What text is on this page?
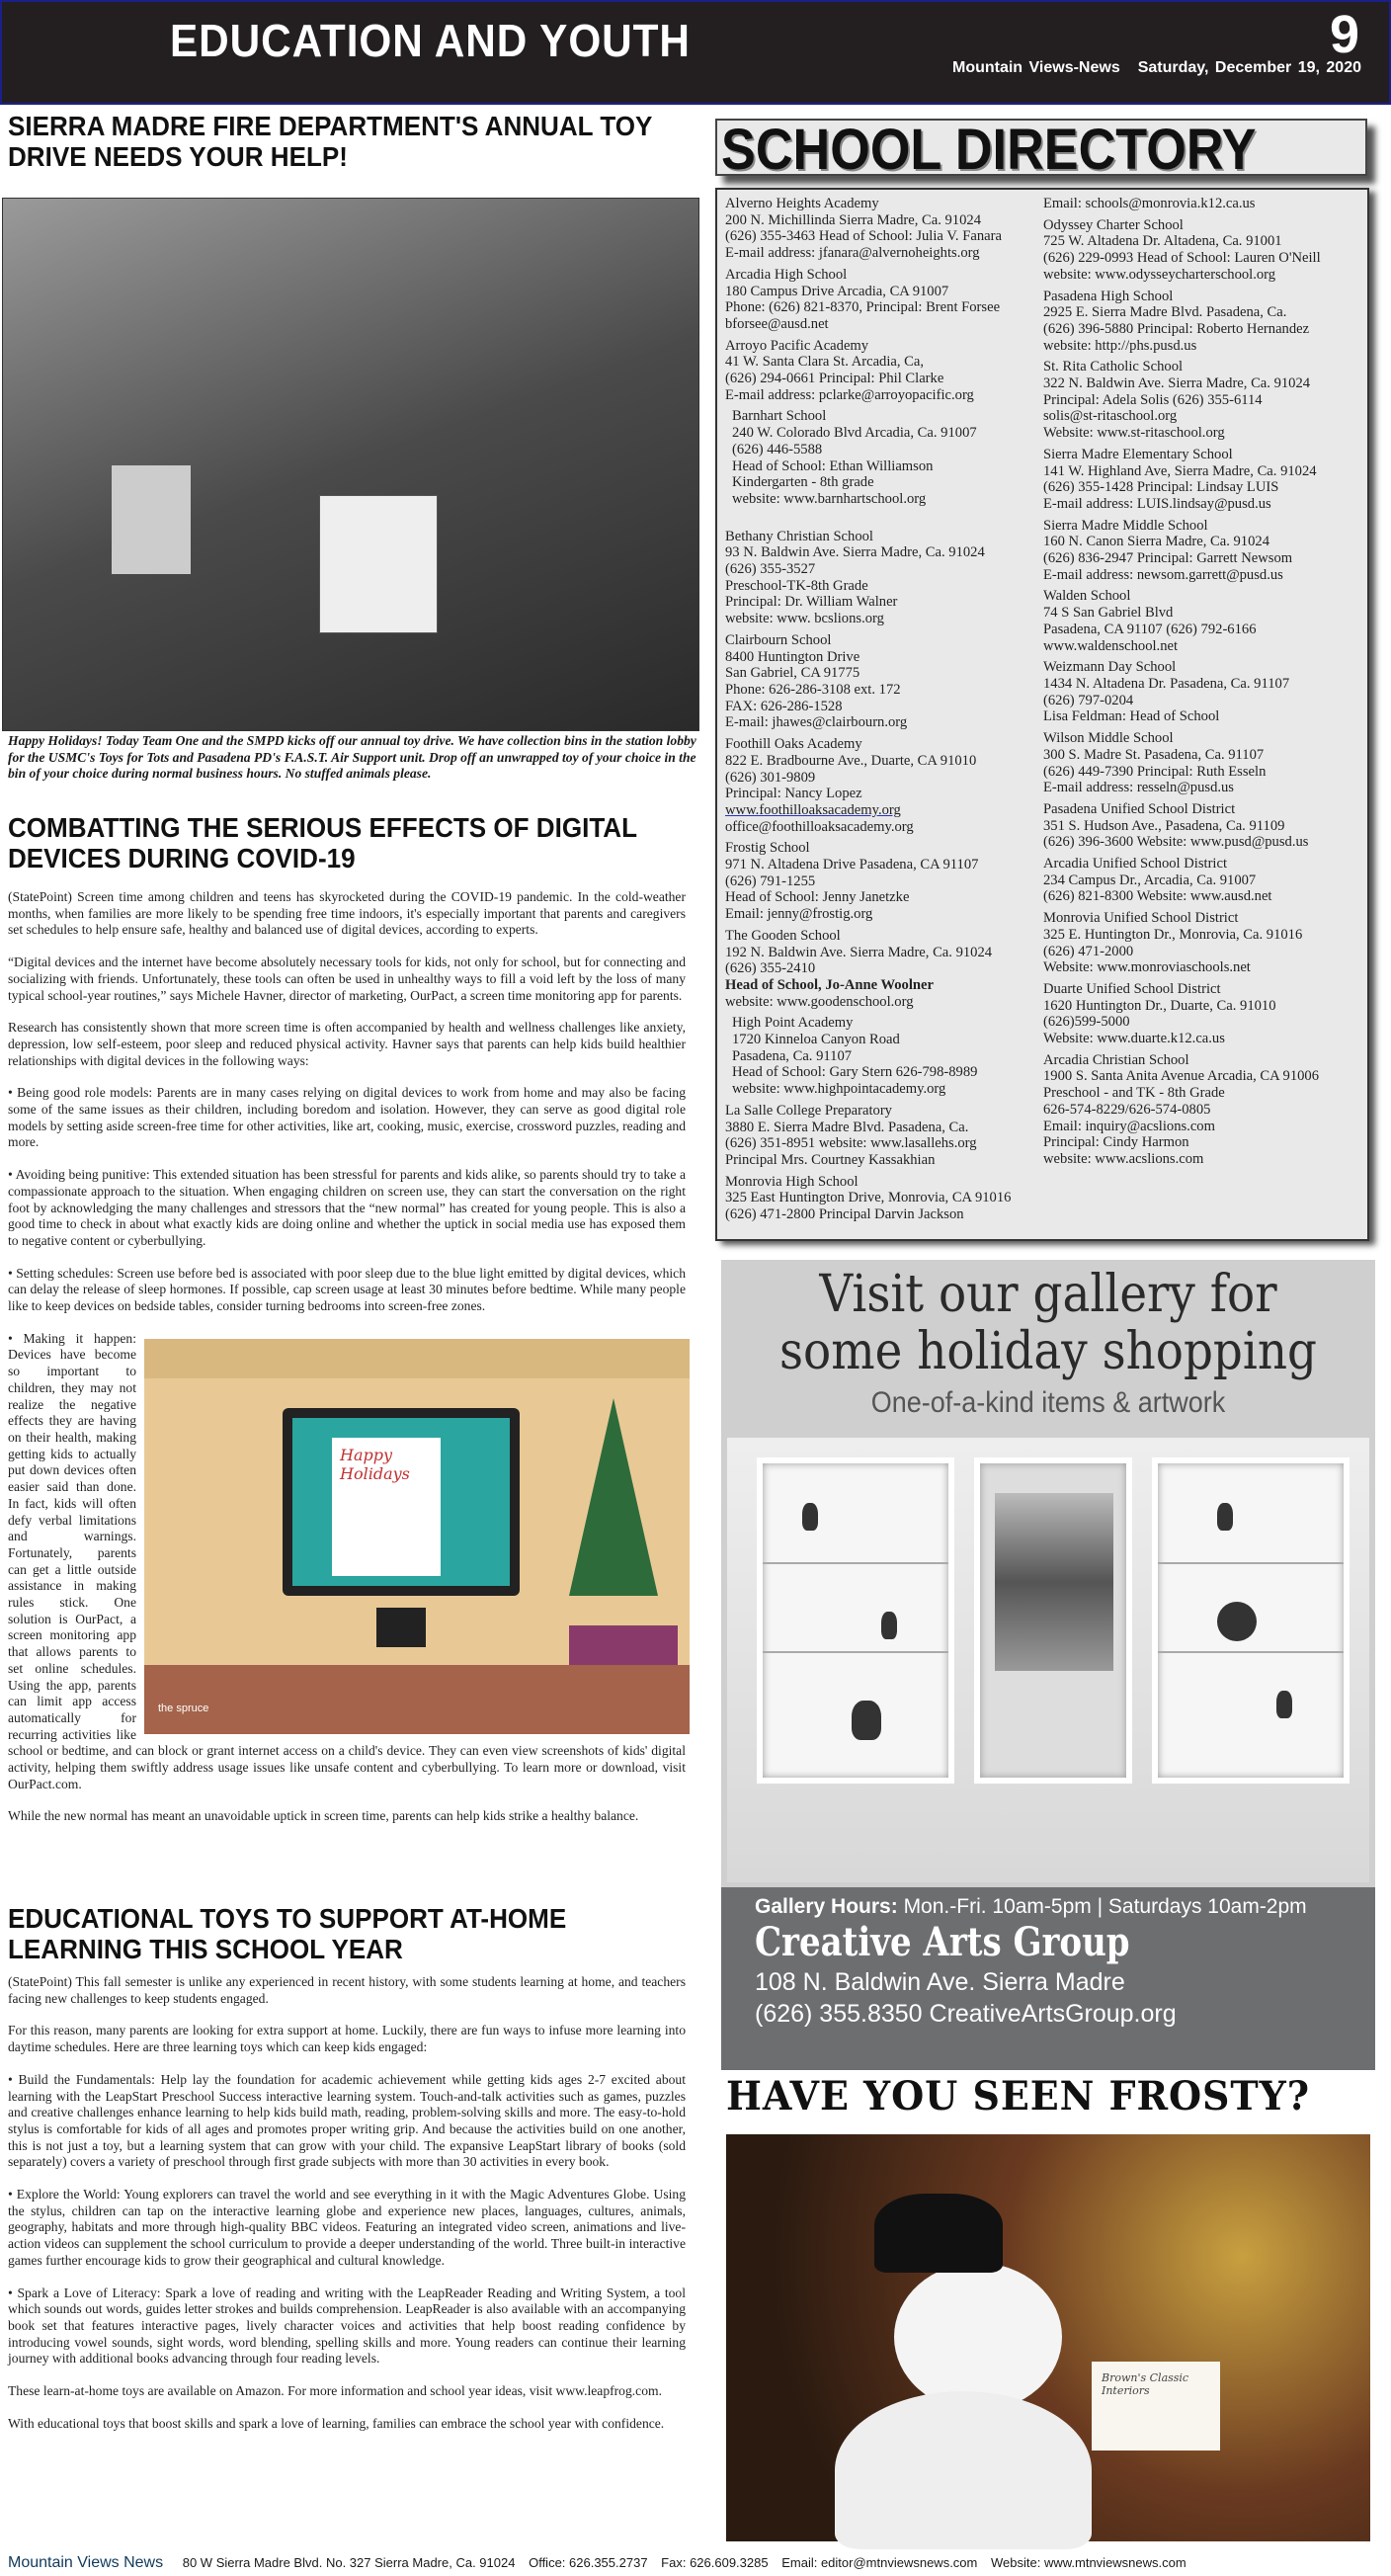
EDUCATION AND YOUTH	9
Mountain Views-News Saturday, December 19, 2020
SIERRA MADRE FIRE DEPARTMENT'S ANNUAL TOY DRIVE NEEDS YOUR HELP!
Happy Holidays! Today Team One and the SMPD kicks off our annual toy drive. We have collection bins in the station lobby for the USMC's Toys for Tots and Pasadena PD's F.A.S.T. Air Support unit. Drop off an unwrapped toy of your choice in the bin of your choice during normal business hours. No stuffed animals please.
COMBATTING THE SERIOUS EFFECTS OF DIGITAL DEVICES DURING COVID-19

(StatePoint) Screen time among children and teens has skyrocketed during the COVID-19 pandemic. In the cold-weather months, when families are more likely to be spending free time indoors, it's especially important that parents and caregivers set schedules to help ensure safe, healthy and balanced use of digital devices, according to experts.

“Digital devices and the internet have become absolutely necessary tools for kids, not only for school, but for connecting and socializing with friends. Unfortunately, these tools can often be used in unhealthy ways to fill a void left by the loss of many typical school-year routines,” says Michele Havner, director of marketing, OurPact, a screen time monitoring app for parents.

Research has consistently shown that more screen time is often accompanied by health and wellness challenges like anxiety, depression, low self-esteem, poor sleep and reduced physical activity. Havner says that parents can help kids build healthier relationships with digital devices in the following ways:

• Being good role models: Parents are in many cases relying on digital devices to work from home and may also be facing some of the same issues as their children, including boredom and isolation. However, they can serve as good digital role models by setting aside screen-free time for other activities, like art, cooking, music, exercise, crossword puzzles, reading and more.

• Avoiding being punitive: This extended situation has been stressful for parents and kids alike, so parents should try to take a compassionate approach to the situation. When engaging children on screen use, they can start the conversation on the right foot by acknowledging the many challenges and stressors that the “new normal” has created for young people. This is also a good time to check in about what exactly kids are doing online and whether the uptick in social media use has exposed them to negative content or cyberbullying.

• Setting schedules: Screen use before bed is associated with poor sleep due to the blue light emitted by digital devices, which can delay the release of sleep hormones. If possible, cap screen usage at least 30 minutes before bedtime. While many people like to keep devices on bedside tables, consider turning bedrooms into screen-free zones.

Happy Holidays
the spruce

• Making it happen: Devices have become so important to children, they may not realize the negative effects they are having on their health, making getting kids to actually put down devices often easier said than done. In fact, kids will often defy verbal limitations and warnings. Fortunately, parents can get a little outside assistance in making rules stick. One solution is OurPact, a screen monitoring app that allows parents to set online schedules. Using the app, parents can limit app access automatically for recurring activities like school or bedtime, and can block or grant internet access on a child's device. They can even view screenshots of kids' digital activity, helping them swiftly address usage issues like unsafe content and cyberbullying. To learn more or download, visit OurPact.com.

While the new normal has meant an unavoidable uptick in screen time, parents can help kids strike a healthy balance.

EDUCATIONAL TOYS TO SUPPORT AT-HOME LEARNING THIS SCHOOL YEAR

(StatePoint) This fall semester is unlike any experienced in recent history, with some students learning at home, and teachers facing new challenges to keep students engaged.

For this reason, many parents are looking for extra support at home. Luckily, there are fun ways to infuse more learning into daytime schedules. Here are three learning toys which can keep kids engaged:

• Build the Fundamentals: Help lay the foundation for academic achievement while getting kids ages 2-7 excited about learning with the LeapStart Preschool Success interactive learning system. Touch-and-talk activities such as games, puzzles and creative challenges enhance learning to help kids build math, reading, problem-solving skills and more. The easy-to-hold stylus is comfortable for kids of all ages and promotes proper writing grip. And because the activities build on one another, this is not just a toy, but a learning system that can grow with your child. The expansive LeapStart library of books (sold separately) covers a variety of preschool through first grade subjects with more than 30 activities in every book.

• Explore the World: Young explorers can travel the world and see everything in it with the Magic Adventures Globe. Using the stylus, children can tap on the interactive learning globe and experience new places, languages, cultures, animals, geography, habitats and more through high-quality BBC videos. Featuring an integrated video screen, animations and live-action videos can supplement the school curriculum to provide a deeper understanding of the world. Three built-in interactive games further encourage kids to grow their geographical and cultural knowledge.

• Spark a Love of Literacy: Spark a love of reading and writing with the LeapReader Reading and Writing System, a tool which sounds out words, guides letter strokes and builds comprehension. LeapReader is also available with an accompanying book set that features interactive pages, lively character voices and activities that help boost reading confidence by introducing vowel sounds, sight words, word blending, spelling skills and more. Young readers can continue their learning journey with additional books advancing through four reading levels.

These learn-at-home toys are available on Amazon. For more information and school year ideas, visit www.leapfrog.com.

With educational toys that boost skills and spark a love of learning, families can embrace the school year with confidence.

SCHOOL DIRECTORY
Alverno Heights Academy
200 N. Michillinda Sierra Madre, Ca. 91024
(626) 355-3463 Head of School: Julia V. Fanara
E-mail address: jfanara@alvernoheights.org
Arcadia High School
180 Campus Drive Arcadia, CA 91007
Phone: (626) 821-8370, Principal: Brent Forsee
bforsee@ausd.net
Arroyo Pacific Academy
41 W. Santa Clara St. Arcadia, Ca,
(626) 294-0661 Principal: Phil Clarke
E-mail address: pclarke@arroyopacific.org
Barnhart School
240 W. Colorado Blvd Arcadia, Ca. 91007
(626) 446-5588
Head of School: Ethan Williamson
Kindergarten - 8th grade
website: www.barnhartschool.org
Bethany Christian School
93 N. Baldwin Ave. Sierra Madre, Ca. 91024
(626) 355-3527
Preschool-TK-8th Grade
Principal: Dr. William Walner
website: www. bcslions.org
Clairbourn School
8400 Huntington Drive
San Gabriel, CA 91775
Phone: 626-286-3108 ext. 172
FAX: 626-286-1528
E-mail: jhawes@clairbourn.org
Foothill Oaks Academy
822 E. Bradbourne Ave., Duarte, CA 91010
(626) 301-9809
Principal: Nancy Lopez
www.foothilloaksacademy.org
office@foothilloaksacademy.org
Frostig School
971 N. Altadena Drive Pasadena, CA 91107
(626) 791-1255
Head of School: Jenny Janetzke
Email: jenny@frostig.org
The Gooden School
192 N. Baldwin Ave. Sierra Madre, Ca. 91024
(626) 355-2410
Head of School, Jo-Anne Woolner
website: www.goodenschool.org
High Point Academy
1720 Kinneloa Canyon Road
Pasadena, Ca. 91107
Head of School: Gary Stern 626-798-8989
website: www.highpointacademy.org
La Salle College Preparatory
3880 E. Sierra Madre Blvd. Pasadena, Ca.
(626) 351-8951 website: www.lasallehs.org
Principal Mrs. Courtney Kassakhian
Monrovia High School
325 East Huntington Drive, Monrovia, CA 91016
(626) 471-2800 Principal Darvin Jackson
Email: schools@monrovia.k12.ca.us
Odyssey Charter School
725 W. Altadena Dr. Altadena, Ca. 91001
(626) 229-0993 Head of School: Lauren O'Neill
website: www.odysseycharterschool.org
Pasadena High School
2925 E. Sierra Madre Blvd. Pasadena, Ca.
(626) 396-5880 Principal: Roberto Hernandez
website: http://phs.pusd.us
St. Rita Catholic School
322 N. Baldwin Ave. Sierra Madre, Ca. 91024
Principal: Adela Solis (626) 355-6114
solis@st-ritaschool.org
Website: www.st-ritaschool.org
Sierra Madre Elementary School
141 W. Highland Ave, Sierra Madre, Ca. 91024
(626) 355-1428 Principal: Lindsay LUIS
E-mail address: LUIS.lindsay@pusd.us
Sierra Madre Middle School
160 N. Canon Sierra Madre, Ca. 91024
(626) 836-2947 Principal: Garrett Newsom
E-mail address: newsom.garrett@pusd.us
Walden School
74 S San Gabriel Blvd
Pasadena, CA 91107 (626) 792-6166
www.waldenschool.net
Weizmann Day School
1434 N. Altadena Dr. Pasadena, Ca. 91107
(626) 797-0204
Lisa Feldman: Head of School
Wilson Middle School
300 S. Madre St. Pasadena, Ca. 91107
(626) 449-7390 Principal: Ruth Esseln
E-mail address: resseln@pusd.us
Pasadena Unified School District
351 S. Hudson Ave., Pasadena, Ca. 91109
(626) 396-3600 Website: www.pusd@pusd.us
Arcadia Unified School District
234 Campus Dr., Arcadia, Ca. 91007
(626) 821-8300 Website: www.ausd.net
Monrovia Unified School District
325 E. Huntington Dr., Monrovia, Ca. 91016
(626) 471-2000
Website: www.monroviaschools.net
Duarte Unified School District
1620 Huntington Dr., Duarte, Ca. 91010
(626)599-5000
Website: www.duarte.k12.ca.us
Arcadia Christian School
1900 S. Santa Anita Avenue Arcadia, CA 91006
Preschool - and TK - 8th Grade
626-574-8229/626-574-0805
Email: inquiry@acslions.com
Principal: Cindy Harmon
website: www.acslions.com
Visit our gallery for some holiday shopping
One-of-a-kind items & artwork
Gallery Hours: Mon.-Fri. 10am-5pm | Saturdays 10am-2pm
Creative Arts Group
108 N. Baldwin Ave. Sierra Madre
(626) 355.8350 CreativeArtsGroup.org
HAVE YOU SEEN FROSTY?
Brown's Classic Interiors
Mountain Views News 80 W Sierra Madre Blvd. No. 327 Sierra Madre, Ca. 91024 Office: 626.355.2737 Fax: 626.609.3285 Email: editor@mtnviewsnews.com Website: www.mtnviewsnews.com
